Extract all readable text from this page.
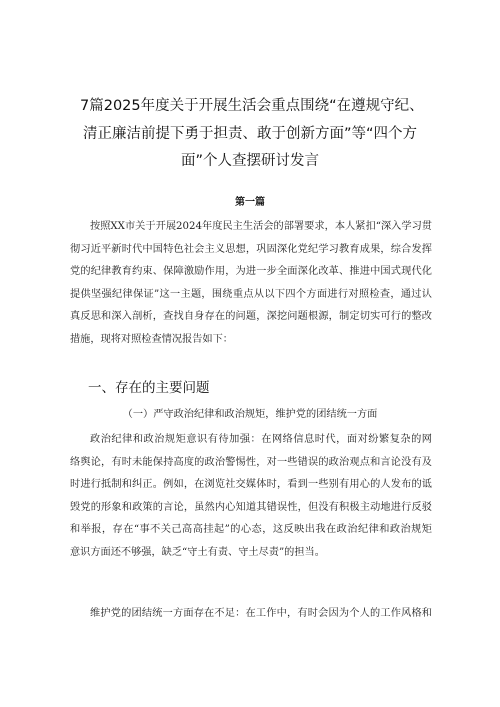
7篇2025年度关于开展生活会重点围绕“在遵规守纪、
清正廉洁前提下勇于担责、敢于创新方面”等“四个方
面”个人查摆研讨发言
第一篇
按照XX市关于开展2024年度民主生活会的部署要求，本人紧扣“深入学习贯
彻习近平新时代中国特色社会主义思想，巩固深化党纪学习教育成果，综合发挥
党的纪律教育约束、保障激励作用，为进一步全面深化改革、推进中国式现代化
提供坚强纪律保证”这一主题，围绕重点从以下四个方面进行对照检查，通过认
真反思和深入剖析，查找自身存在的问题，深挖问题根源，制定切实可行的整改
措施，现将对照检查情况报告如下：
一、存在的主要问题
（一）严守政治纪律和政治规矩，维护党的团结统一方面
政治纪律和政治规矩意识有待加强：在网络信息时代，面对纷繁复杂的网
络舆论，有时未能保持高度的政治警惕性，对一些错误的政治观点和言论没有及
时进行抵制和纠正。例如，在浏览社交媒体时，看到一些别有用心的人发布的诋
毁党的形象和政策的言论，虽然内心知道其错误性，但没有积极主动地进行反驳
和举报，存在“事不关己高高挂起”的心态，这反映出我在政治纪律和政治规矩
意识方面还不够强，缺乏“守土有责、守土尽责”的担当。
维护党的团结统一方面存在不足：在工作中，有时会因为个人的工作风格和
